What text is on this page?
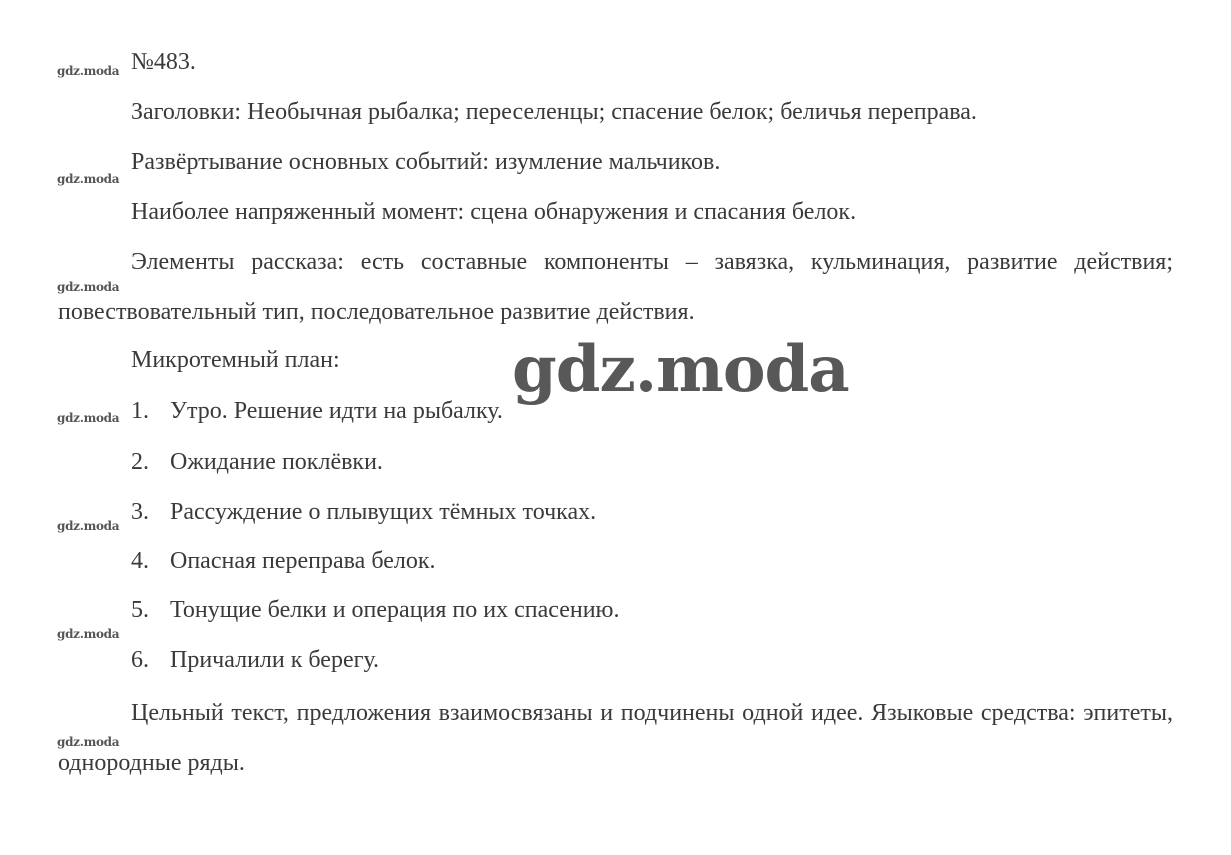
gdz.moda
gdz.moda
gdz.moda
gdz.moda
gdz.moda
gdz.moda
gdz.moda

№483.

Заголовки: Необычная рыбалка; переселенцы; спасение белок; беличья переправа.

Развёртывание основных событий: изумление мальчиков.

Наиболее напряженный момент: сцена обнаружения и спасания белок.

Элементы рассказа: есть составные компоненты – завязка, кульминация, развитие действия; повествовательный тип, последовательное развитие действия.

Микротемный план:

1. Утро. Решение идти на рыбалку.
2. Ожидание поклёвки.
3. Рассуждение о плывущих тёмных точках.
4. Опасная переправа белок.
5. Тонущие белки и операция по их спасению.
6. Причалили к берегу.

Цельный текст, предложения взаимосвязаны и подчинены одной идее. Языковые средства: эпитеты, однородные ряды.

gdz.moda
